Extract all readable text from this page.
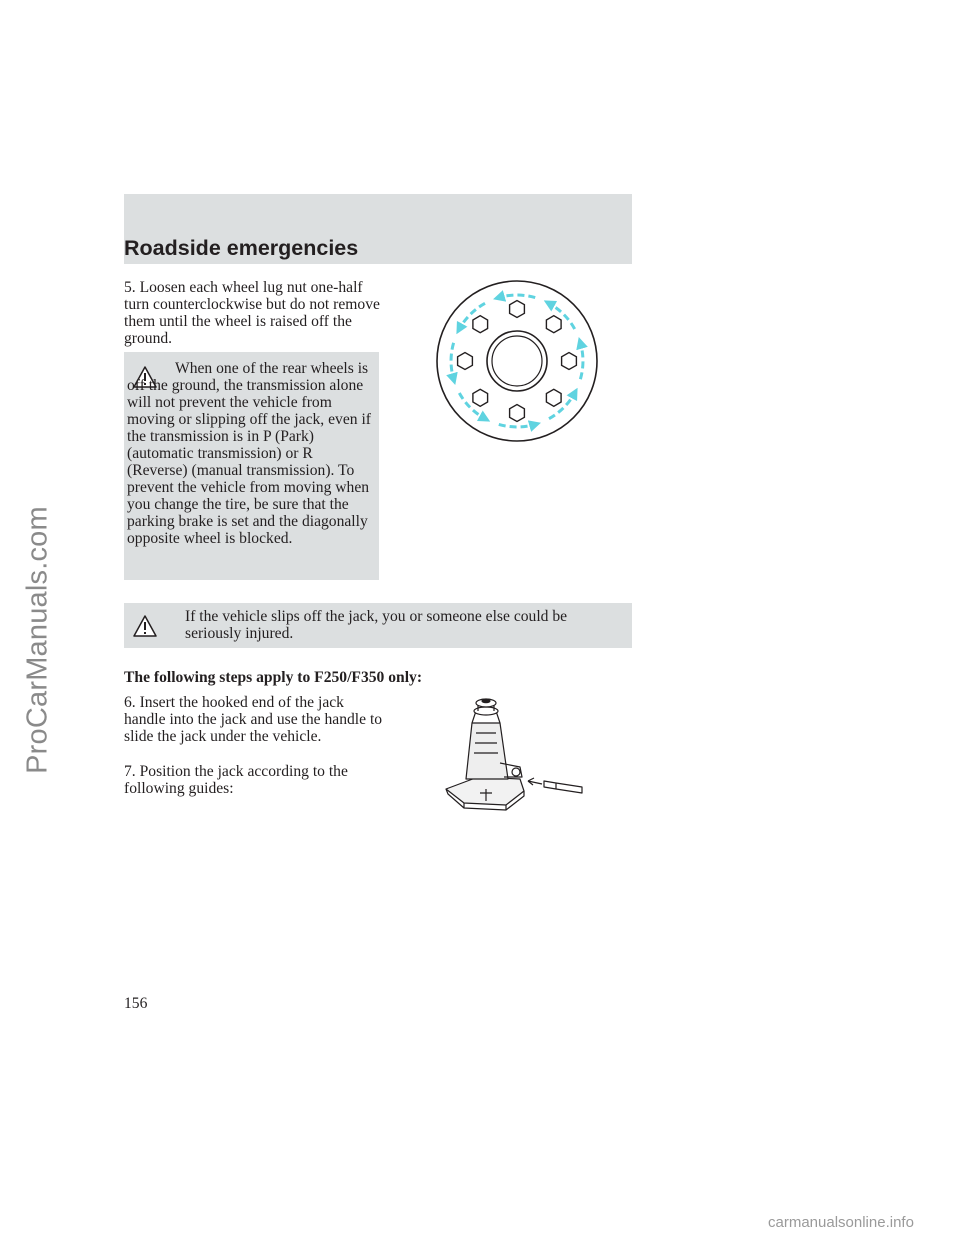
ProCarManuals.com
Roadside emergencies
5. Loosen each wheel lug nut one-half turn counterclockwise but do not remove them until the wheel is raised off the ground.
When one of the rear wheels is off the ground, the transmission alone will not prevent the vehicle from moving or slipping off the jack, even if the transmission is in P (Park) (automatic transmission) or R (Reverse) (manual transmission). To prevent the vehicle from moving when you change the tire, be sure that the parking brake is set and the diagonally opposite wheel is blocked.
If the vehicle slips off the jack, you or someone else could be seriously injured.
The following steps apply to F250/F350 only:
6. Insert the hooked end of the jack handle into the jack and use the handle to slide the jack under the vehicle.
7. Position the jack according to the following guides:
156
carmanualsonline.info
